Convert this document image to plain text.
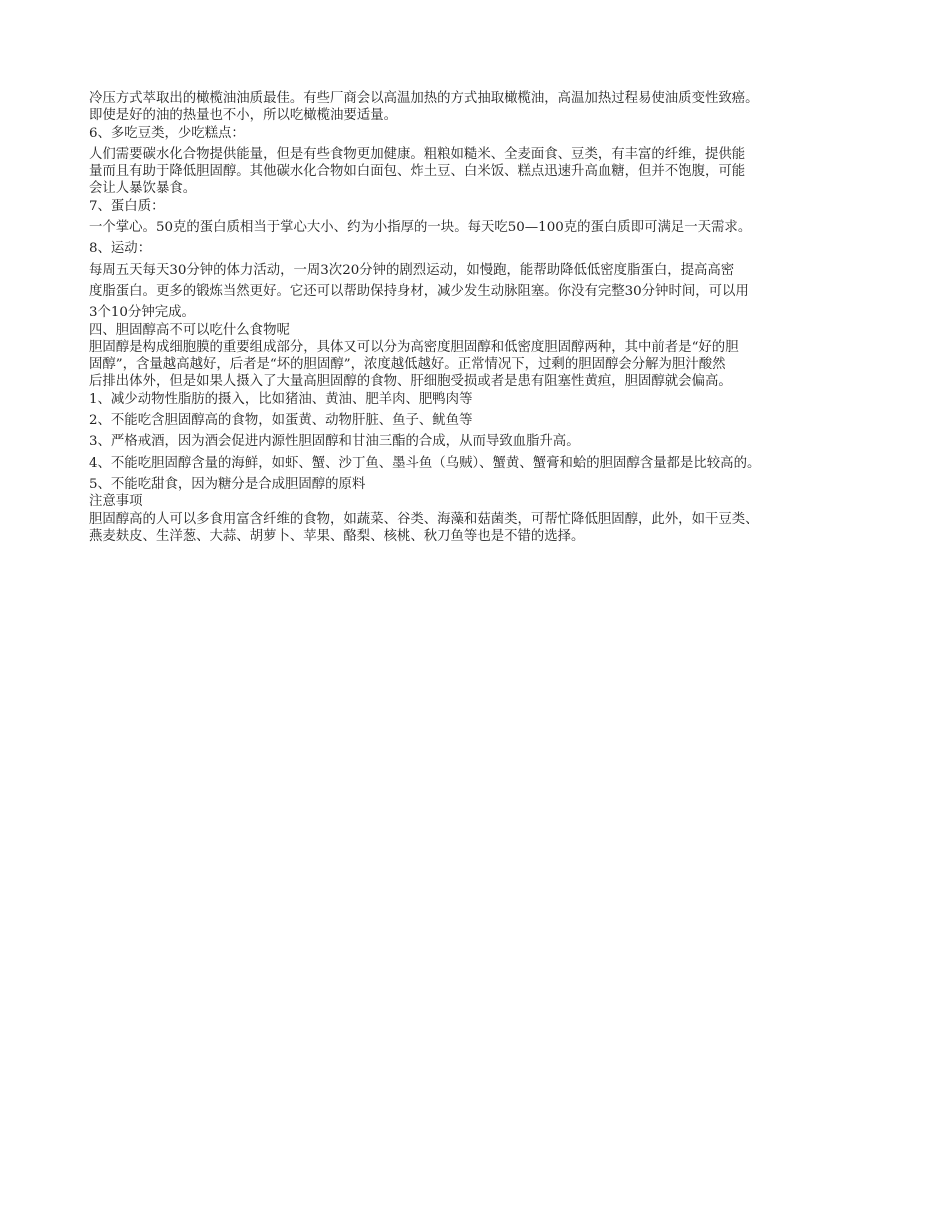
冷压方式萃取出的橄榄油油质最佳。有些厂商会以高温加热的方式抽取橄榄油，高温加热过程易使油质变性致癌。

即使是好的油的热量也不小，所以吃橄榄油要适量。

6、多吃豆类，少吃糕点：

人们需要碳水化合物提供能量，但是有些食物更加健康。粗粮如糙米、全麦面食、豆类，有丰富的纤维，提供能

量而且有助于降低胆固醇。其他碳水化合物如白面包、炸土豆、白米饭、糕点迅速升高血糖，但并不饱腹，可能

会让人暴饮暴食。

7、蛋白质：

一个掌心。50克的蛋白质相当于掌心大小、约为小指厚的一块。每天吃50—100克的蛋白质即可满足一天需求。

8、运动：

每周五天每天30分钟的体力活动，一周3次20分钟的剧烈运动，如慢跑，能帮助降低低密度脂蛋白，提高高密

度脂蛋白。更多的锻炼当然更好。它还可以帮助保持身材，减少发生动脉阻塞。你没有完整30分钟时间，可以用

3个10分钟完成。

四、胆固醇高不可以吃什么食物呢

胆固醇是构成细胞膜的重要组成部分，具体又可以分为高密度胆固醇和低密度胆固醇两种，其中前者是“好的胆

固醇”，含量越高越好，后者是“坏的胆固醇”，浓度越低越好。正常情况下，过剩的胆固醇会分解为胆汁酸然

后排出体外，但是如果人摄入了大量高胆固醇的食物、肝细胞受损或者是患有阻塞性黄疸，胆固醇就会偏高。

1、减少动物性脂肪的摄入，比如猪油、黄油、肥羊肉、肥鸭肉等

2、不能吃含胆固醇高的食物，如蛋黄、动物肝脏、鱼子、鱿鱼等

3、严格戒酒，因为酒会促进内源性胆固醇和甘油三酯的合成，从而导致血脂升高。

4、不能吃胆固醇含量的海鲜，如虾、蟹、沙丁鱼、墨斗鱼（乌贼）、蟹黄、蟹膏和蛤的胆固醇含量都是比较高的。

5、不能吃甜食，因为糖分是合成胆固醇的原料

注意事项

胆固醇高的人可以多食用富含纤维的食物，如蔬菜、谷类、海藻和菇菌类，可帮忙降低胆固醇，此外，如干豆类、

燕麦麸皮、生洋葱、大蒜、胡萝卜、苹果、酪梨、核桃、秋刀鱼等也是不错的选择。
